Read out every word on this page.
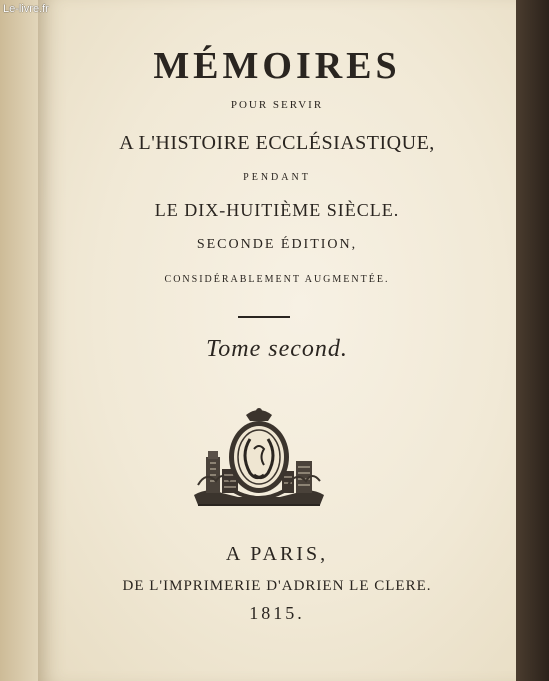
Le-livre.fr
MÉMOIRES
POUR SERVIR
A L'HISTOIRE ECCLÉSIASTIQUE,
PENDANT
LE DIX-HUITIÈME SIÈCLE.
SECONDE ÉDITION,
CONSIDÉRABLEMENT AUGMENTÉE.
Tome second.
A PARIS,
DE L'IMPRIMERIE D'ADRIEN LE CLERE.
1815.
